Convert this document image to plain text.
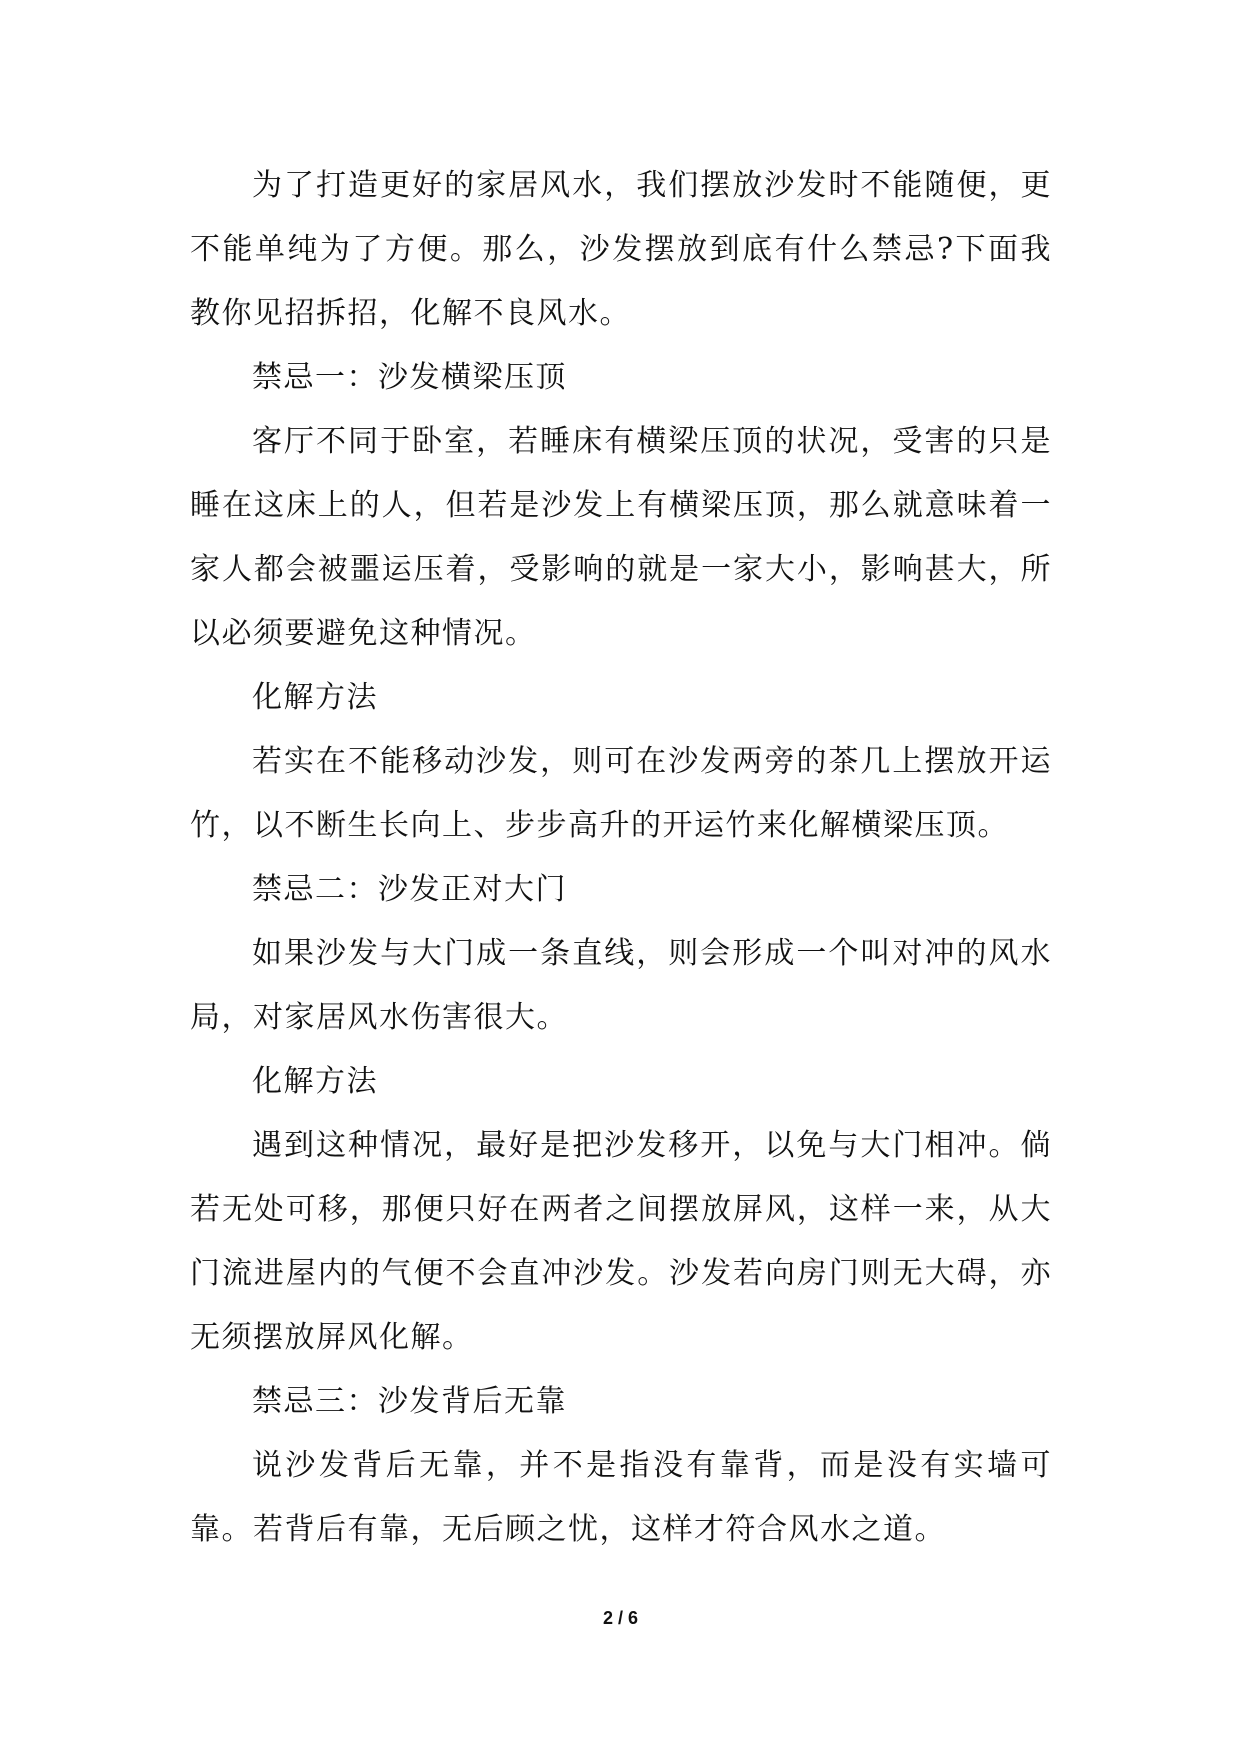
为了打造更好的家居风水，我们摆放沙发时不能随便，更不能单纯为了方便。那么，沙发摆放到底有什么禁忌?下面我教你见招拆招，化解不良风水。

禁忌一：沙发横梁压顶

客厅不同于卧室，若睡床有横梁压顶的状况，受害的只是睡在这床上的人，但若是沙发上有横梁压顶，那么就意味着一家人都会被噩运压着，受影响的就是一家大小，影响甚大，所以必须要避免这种情况。

化解方法

若实在不能移动沙发，则可在沙发两旁的茶几上摆放开运竹，以不断生长向上、步步高升的开运竹来化解横梁压顶。

禁忌二：沙发正对大门

如果沙发与大门成一条直线，则会形成一个叫对冲的风水局，对家居风水伤害很大。

化解方法

遇到这种情况，最好是把沙发移开，以免与大门相冲。倘若无处可移，那便只好在两者之间摆放屏风，这样一来，从大门流进屋内的气便不会直冲沙发。沙发若向房门则无大碍，亦无须摆放屏风化解。

禁忌三：沙发背后无靠

说沙发背后无靠，并不是指没有靠背，而是没有实墙可靠。若背后有靠，无后顾之忧，这样才符合风水之道。

2 / 6
